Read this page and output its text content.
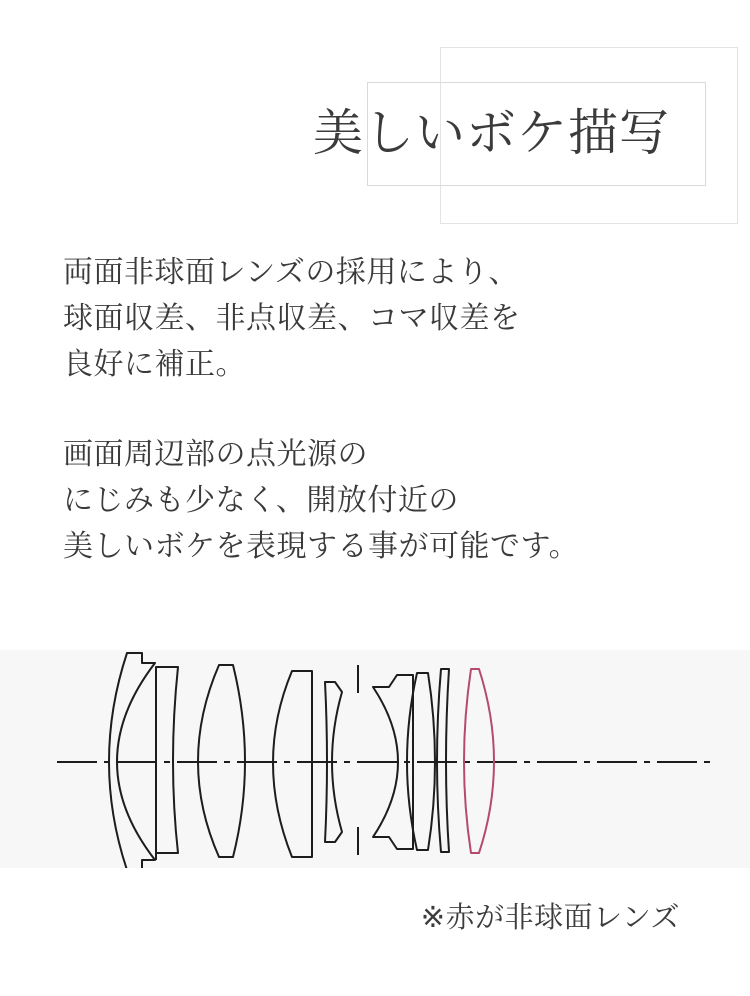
美しいボケ描写
両面非球面レンズの採用により、
球面収差、非点収差、コマ収差を
良好に補正。
画面周辺部の点光源の
にじみも少なく、開放付近の
美しいボケを表現する事が可能です。
※赤が非球面レンズ
